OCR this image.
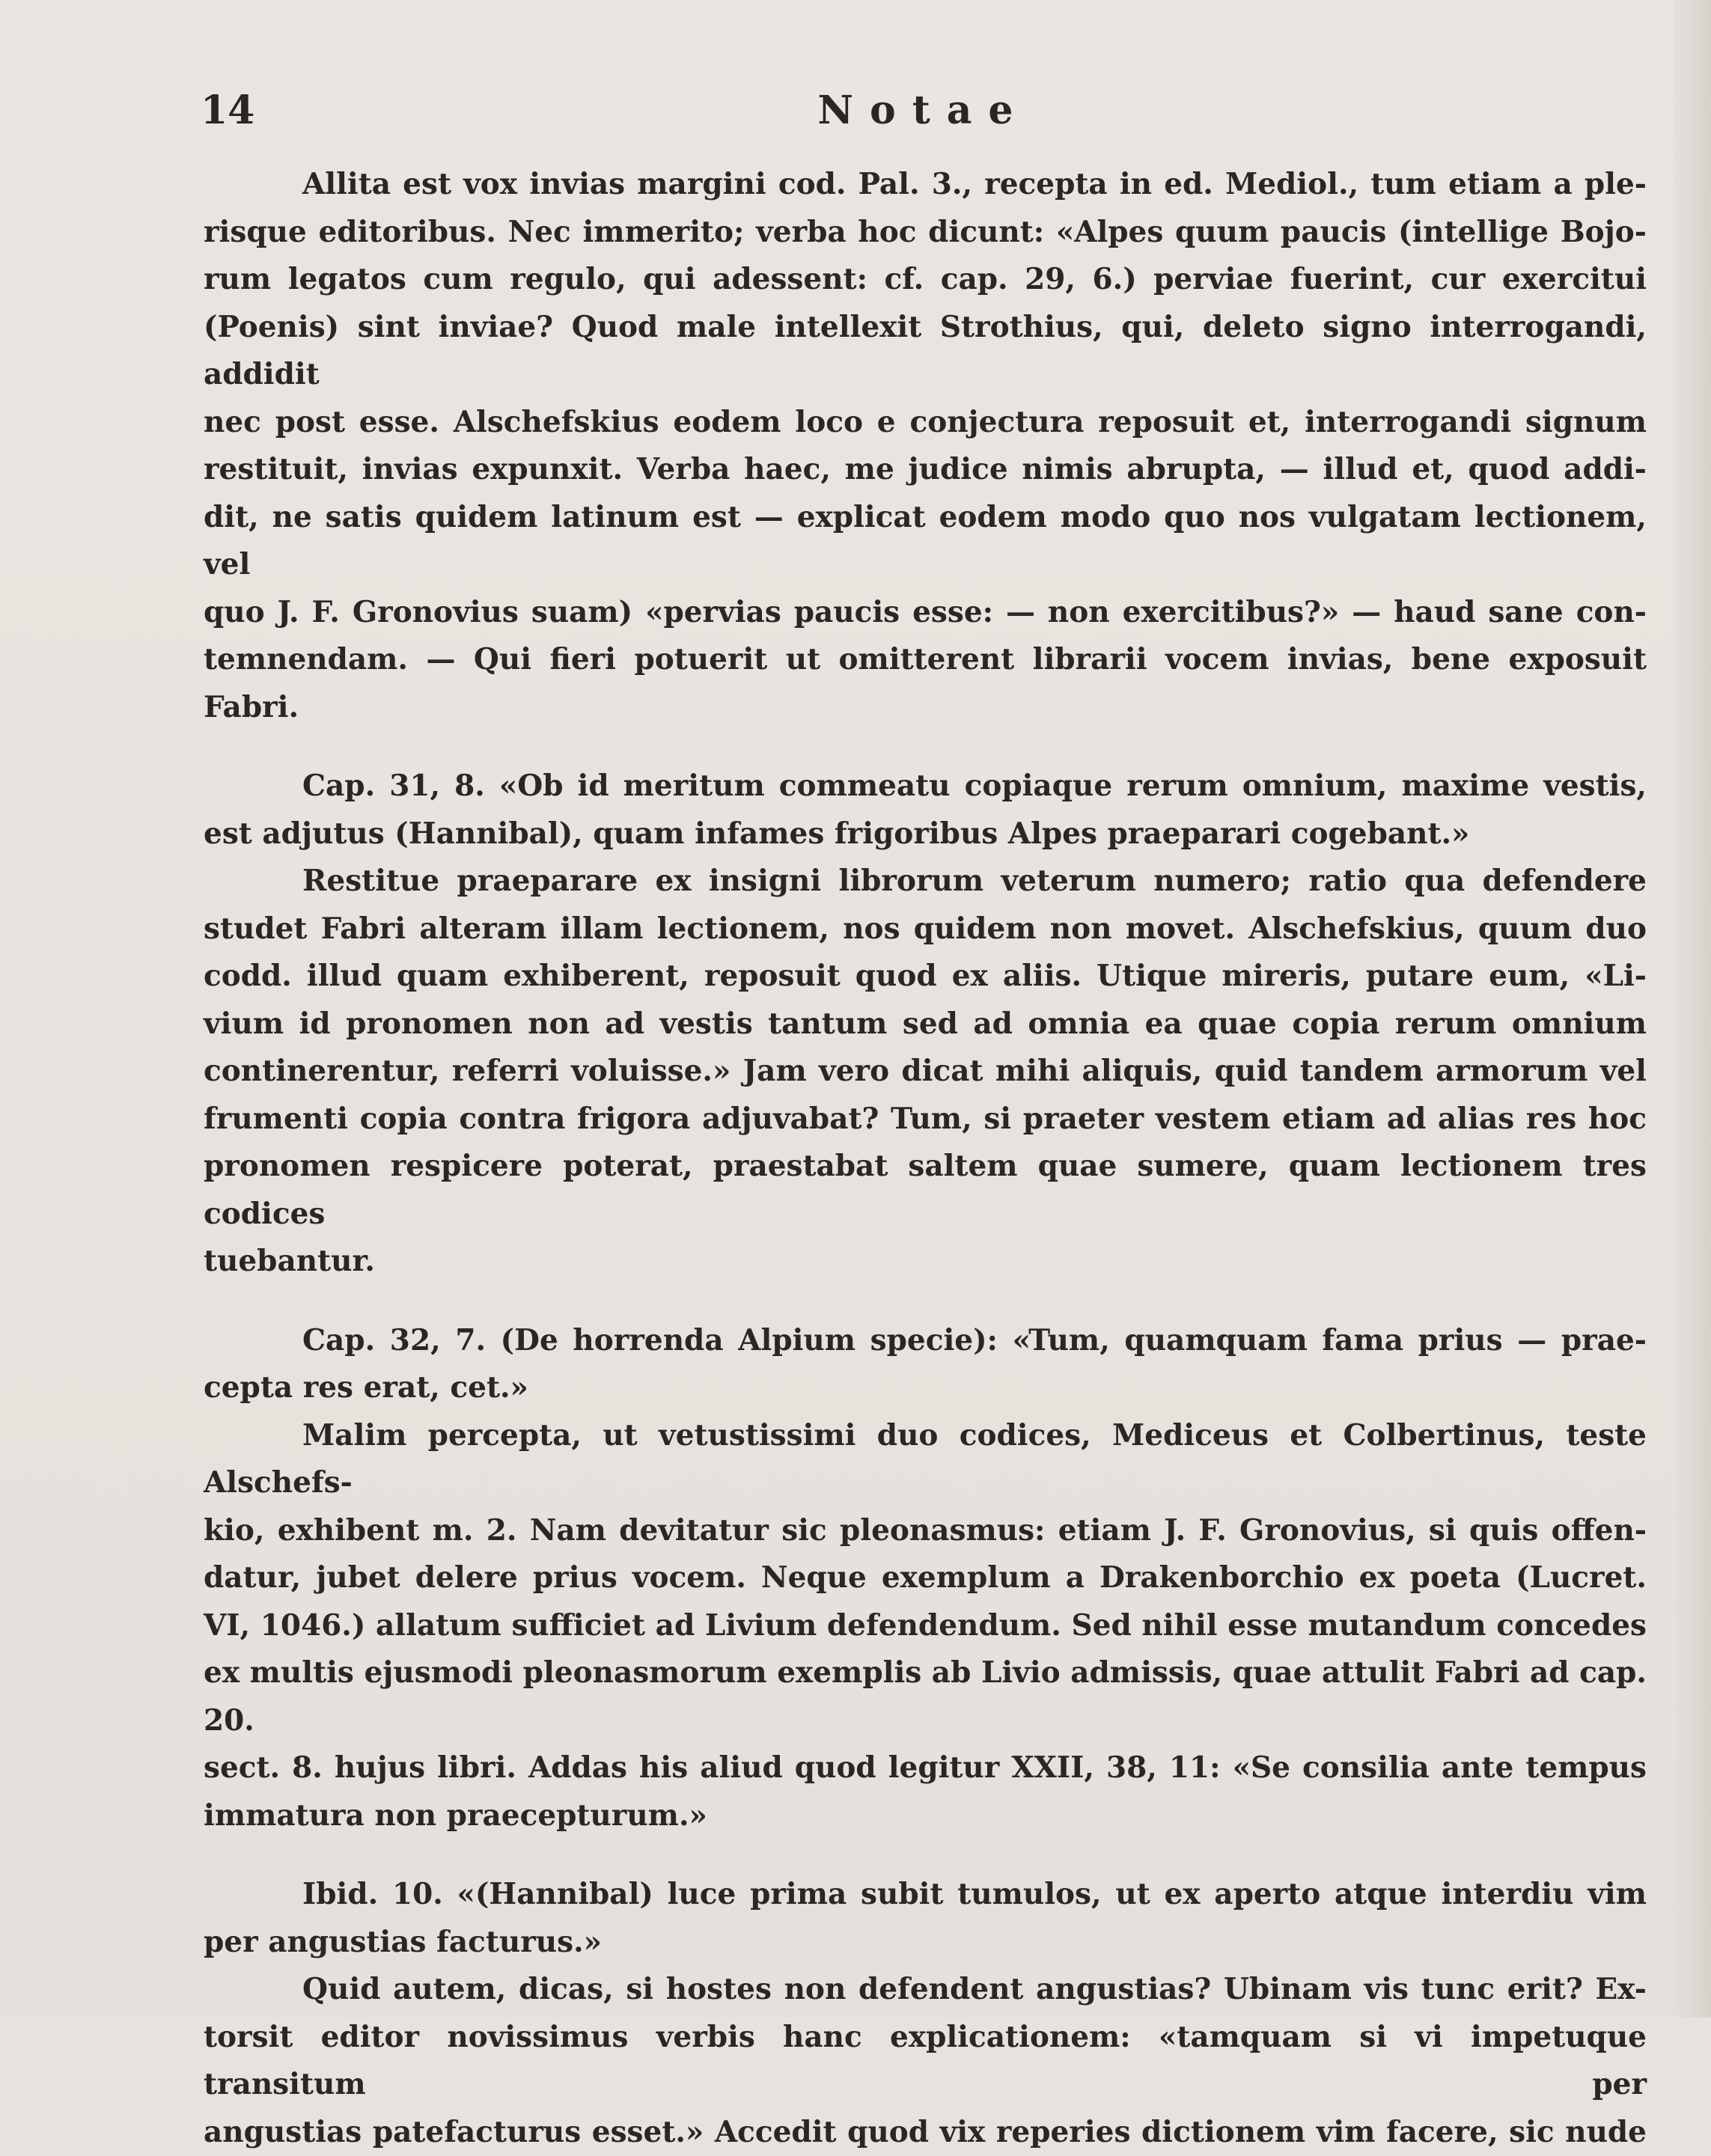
14	Notae

Allita est vox invias margini cod. Pal. 3., recepta in ed. Mediol., tum etiam a ple-

risque editoribus. Nec immerito; verba hoc dicunt: «Alpes quum paucis (intellige Bojo-

rum legatos cum regulo, qui adessent: cf. cap. 29, 6.) perviae fuerint, cur exercitui

(Poenis) sint inviae? Quod male intellexit Strothius, qui, deleto signo interrogandi, addidit

nec post esse. Alschefskius eodem loco e conjectura reposuit et, interrogandi signum

restituit, invias expunxit. Verba haec, me judice nimis abrupta, — illud et, quod addi-

dit, ne satis quidem latinum est — explicat eodem modo quo nos vulgatam lectionem, vel

quo J. F. Gronovius suam) «pervias paucis esse: — non exercitibus?» — haud sane con-

temnendam. — Qui fieri potuerit ut omitterent librarii vocem invias, bene exposuit Fabri.

Cap. 31, 8. «Ob id meritum commeatu copiaque rerum omnium, maxime vestis,

est adjutus (Hannibal), quam infames frigoribus Alpes praeparari cogebant.»

Restitue praeparare ex insigni librorum veterum numero; ratio qua defendere

studet Fabri alteram illam lectionem, nos quidem non movet. Alschefskius, quum duo

codd. illud quam exhiberent, reposuit quod ex aliis. Utique mireris, putare eum, «Li-

vium id pronomen non ad vestis tantum sed ad omnia ea quae copia rerum omnium

continerentur, referri voluisse.» Jam vero dicat mihi aliquis, quid tandem armorum vel

frumenti copia contra frigora adjuvabat? Tum, si praeter vestem etiam ad alias res hoc

pronomen respicere poterat, praestabat saltem quae sumere, quam lectionem tres codices

tuebantur.

Cap. 32, 7. (De horrenda Alpium specie): «Tum, quamquam fama prius — prae-

cepta res erat, cet.»

Malim percepta, ut vetustissimi duo codices, Mediceus et Colbertinus, teste Alschefs-

kio, exhibent m. 2. Nam devitatur sic pleonasmus: etiam J. F. Gronovius, si quis offen-

datur, jubet delere prius vocem. Neque exemplum a Drakenborchio ex poeta (Lucret.

VI, 1046.) allatum sufficiet ad Livium defendendum. Sed nihil esse mutandum concedes

ex multis ejusmodi pleonasmorum exemplis ab Livio admissis, quae attulit Fabri ad cap. 20.

sect. 8. hujus libri. Addas his aliud quod legitur XXII, 38, 11: «Se consilia ante tempus

immatura non praecepturum.»

Ibid. 10. «(Hannibal) luce prima subit tumulos, ut ex aperto atque interdiu vim

per angustias facturus.»

Quid autem, dicas, si hostes non defendent angustias? Ubinam vis tunc erit? Ex-

torsit editor novissimus verbis hanc explicationem: «tamquam si vi impetuque transitum per

angustias patefacturus esset.» Accedit quod vix reperies dictionem vim facere, sic nude
